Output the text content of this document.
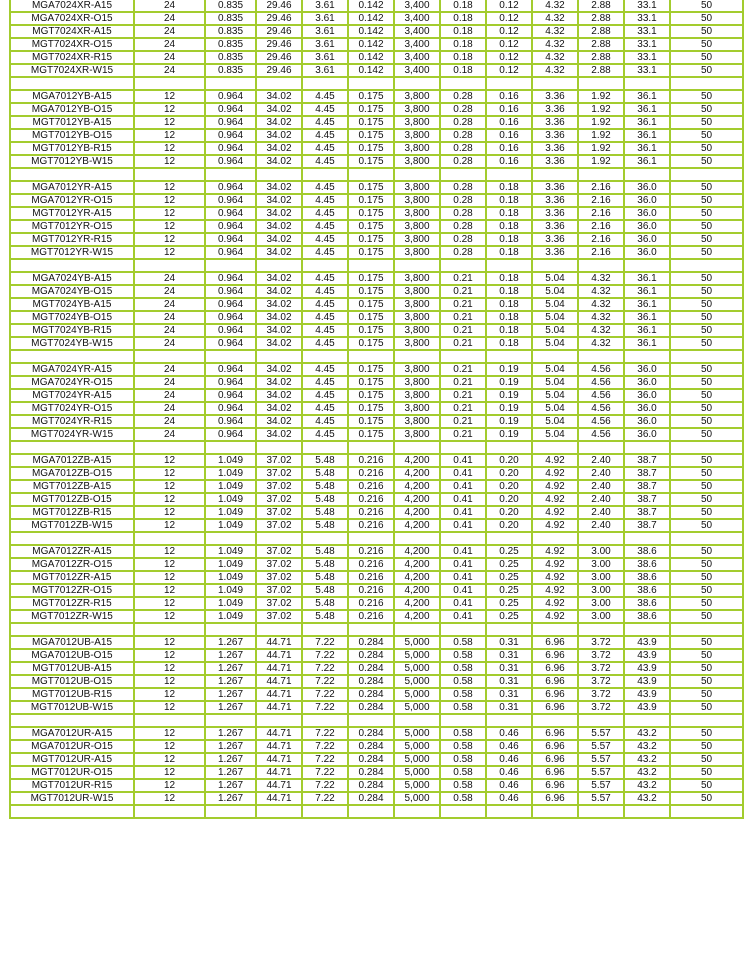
MGA7024XR-A15	24	0.835	29.46	3.61	0.142	3,400	0.18	0.12	4.32	2.88	33.1	50
MGA7024XR-O15	24	0.835	29.46	3.61	0.142	3,400	0.18	0.12	4.32	2.88	33.1	50
MGT7024XR-A15	24	0.835	29.46	3.61	0.142	3,400	0.18	0.12	4.32	2.88	33.1	50
MGT7024XR-O15	24	0.835	29.46	3.61	0.142	3,400	0.18	0.12	4.32	2.88	33.1	50
MGT7024XR-R15	24	0.835	29.46	3.61	0.142	3,400	0.18	0.12	4.32	2.88	33.1	50
MGT7024XR-W15	24	0.835	29.46	3.61	0.142	3,400	0.18	0.12	4.32	2.88	33.1	50

MGA7012YB-A15	12	0.964	34.02	4.45	0.175	3,800	0.28	0.16	3.36	1.92	36.1	50
MGA7012YB-O15	12	0.964	34.02	4.45	0.175	3,800	0.28	0.16	3.36	1.92	36.1	50
MGT7012YB-A15	12	0.964	34.02	4.45	0.175	3,800	0.28	0.16	3.36	1.92	36.1	50
MGT7012YB-O15	12	0.964	34.02	4.45	0.175	3,800	0.28	0.16	3.36	1.92	36.1	50
MGT7012YB-R15	12	0.964	34.02	4.45	0.175	3,800	0.28	0.16	3.36	1.92	36.1	50
MGT7012YB-W15	12	0.964	34.02	4.45	0.175	3,800	0.28	0.16	3.36	1.92	36.1	50

MGA7012YR-A15	12	0.964	34.02	4.45	0.175	3,800	0.28	0.18	3.36	2.16	36.0	50
MGA7012YR-O15	12	0.964	34.02	4.45	0.175	3,800	0.28	0.18	3.36	2.16	36.0	50
MGT7012YR-A15	12	0.964	34.02	4.45	0.175	3,800	0.28	0.18	3.36	2.16	36.0	50
MGT7012YR-O15	12	0.964	34.02	4.45	0.175	3,800	0.28	0.18	3.36	2.16	36.0	50
MGT7012YR-R15	12	0.964	34.02	4.45	0.175	3,800	0.28	0.18	3.36	2.16	36.0	50
MGT7012YR-W15	12	0.964	34.02	4.45	0.175	3,800	0.28	0.18	3.36	2.16	36.0	50

MGA7024YB-A15	24	0.964	34.02	4.45	0.175	3,800	0.21	0.18	5.04	4.32	36.1	50
MGA7024YB-O15	24	0.964	34.02	4.45	0.175	3,800	0.21	0.18	5.04	4.32	36.1	50
MGT7024YB-A15	24	0.964	34.02	4.45	0.175	3,800	0.21	0.18	5.04	4.32	36.1	50
MGT7024YB-O15	24	0.964	34.02	4.45	0.175	3,800	0.21	0.18	5.04	4.32	36.1	50
MGT7024YB-R15	24	0.964	34.02	4.45	0.175	3,800	0.21	0.18	5.04	4.32	36.1	50
MGT7024YB-W15	24	0.964	34.02	4.45	0.175	3,800	0.21	0.18	5.04	4.32	36.1	50

MGA7024YR-A15	24	0.964	34.02	4.45	0.175	3,800	0.21	0.19	5.04	4.56	36.0	50
MGA7024YR-O15	24	0.964	34.02	4.45	0.175	3,800	0.21	0.19	5.04	4.56	36.0	50
MGT7024YR-A15	24	0.964	34.02	4.45	0.175	3,800	0.21	0.19	5.04	4.56	36.0	50
MGT7024YR-O15	24	0.964	34.02	4.45	0.175	3,800	0.21	0.19	5.04	4.56	36.0	50
MGT7024YR-R15	24	0.964	34.02	4.45	0.175	3,800	0.21	0.19	5.04	4.56	36.0	50
MGT7024YR-W15	24	0.964	34.02	4.45	0.175	3,800	0.21	0.19	5.04	4.56	36.0	50

MGA7012ZB-A15	12	1.049	37.02	5.48	0.216	4,200	0.41	0.20	4.92	2.40	38.7	50
MGA7012ZB-O15	12	1.049	37.02	5.48	0.216	4,200	0.41	0.20	4.92	2.40	38.7	50
MGT7012ZB-A15	12	1.049	37.02	5.48	0.216	4,200	0.41	0.20	4.92	2.40	38.7	50
MGT7012ZB-O15	12	1.049	37.02	5.48	0.216	4,200	0.41	0.20	4.92	2.40	38.7	50
MGT7012ZB-R15	12	1.049	37.02	5.48	0.216	4,200	0.41	0.20	4.92	2.40	38.7	50
MGT7012ZB-W15	12	1.049	37.02	5.48	0.216	4,200	0.41	0.20	4.92	2.40	38.7	50

MGA7012ZR-A15	12	1.049	37.02	5.48	0.216	4,200	0.41	0.25	4.92	3.00	38.6	50
MGA7012ZR-O15	12	1.049	37.02	5.48	0.216	4,200	0.41	0.25	4.92	3.00	38.6	50
MGT7012ZR-A15	12	1.049	37.02	5.48	0.216	4,200	0.41	0.25	4.92	3.00	38.6	50
MGT7012ZR-O15	12	1.049	37.02	5.48	0.216	4,200	0.41	0.25	4.92	3.00	38.6	50
MGT7012ZR-R15	12	1.049	37.02	5.48	0.216	4,200	0.41	0.25	4.92	3.00	38.6	50
MGT7012ZR-W15	12	1.049	37.02	5.48	0.216	4,200	0.41	0.25	4.92	3.00	38.6	50

MGA7012UB-A15	12	1.267	44.71	7.22	0.284	5,000	0.58	0.31	6.96	3.72	43.9	50
MGA7012UB-O15	12	1.267	44.71	7.22	0.284	5,000	0.58	0.31	6.96	3.72	43.9	50
MGT7012UB-A15	12	1.267	44.71	7.22	0.284	5,000	0.58	0.31	6.96	3.72	43.9	50
MGT7012UB-O15	12	1.267	44.71	7.22	0.284	5,000	0.58	0.31	6.96	3.72	43.9	50
MGT7012UB-R15	12	1.267	44.71	7.22	0.284	5,000	0.58	0.31	6.96	3.72	43.9	50
MGT7012UB-W15	12	1.267	44.71	7.22	0.284	5,000	0.58	0.31	6.96	3.72	43.9	50

MGA7012UR-A15	12	1.267	44.71	7.22	0.284	5,000	0.58	0.46	6.96	5.57	43.2	50
MGA7012UR-O15	12	1.267	44.71	7.22	0.284	5,000	0.58	0.46	6.96	5.57	43.2	50
MGT7012UR-A15	12	1.267	44.71	7.22	0.284	5,000	0.58	0.46	6.96	5.57	43.2	50
MGT7012UR-O15	12	1.267	44.71	7.22	0.284	5,000	0.58	0.46	6.96	5.57	43.2	50
MGT7012UR-R15	12	1.267	44.71	7.22	0.284	5,000	0.58	0.46	6.96	5.57	43.2	50
MGT7012UR-W15	12	1.267	44.71	7.22	0.284	5,000	0.58	0.46	6.96	5.57	43.2	50
